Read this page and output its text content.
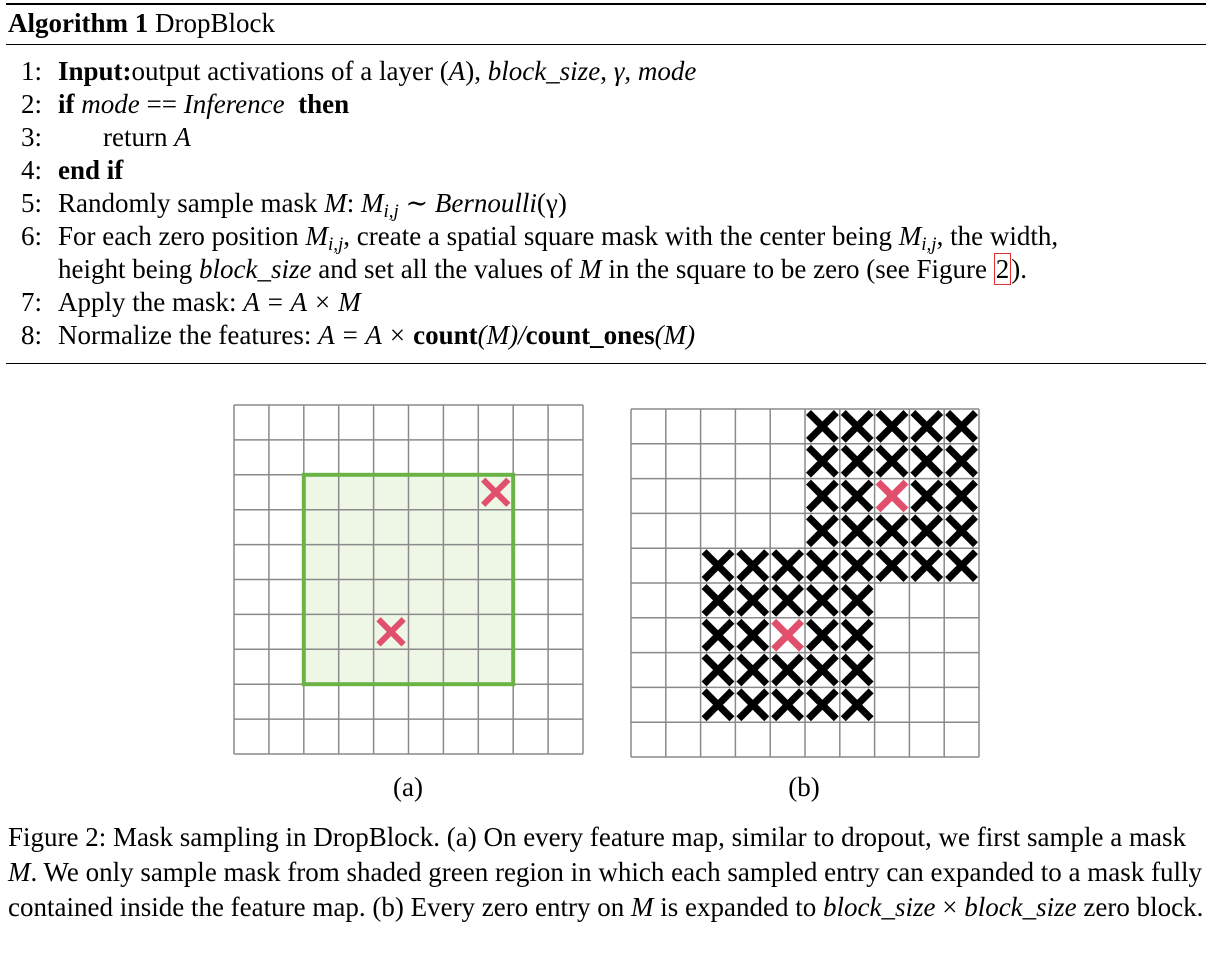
Algorithm 1 DropBlock
1: Input:output activations of a layer (A), block_size, γ, mode
2: if mode == Inference then
3: return A
4: end if
5: Randomly sample mask M: $M_{i,j}$ ∼ Bernoulli(γ)
6: For each zero position $M_{i,j}$, create a spatial square mask with the center being $M_{i,j}$, the width,
height being block_size and set all the values of M in the square to be zero (see Figure 2).
7: Apply the mask: A = A × M
8: Normalize the features: A = A × count(M)/count_ones(M)
(a)	(b)
Figure 2: Mask sampling in DropBlock. (a) On every feature map, similar to dropout, we first sample a mask M. We only sample mask from shaded green region in which each sampled entry can expanded to a mask fully contained inside the feature map. (b) Every zero entry on M is expanded to block_size × block_size zero block.
